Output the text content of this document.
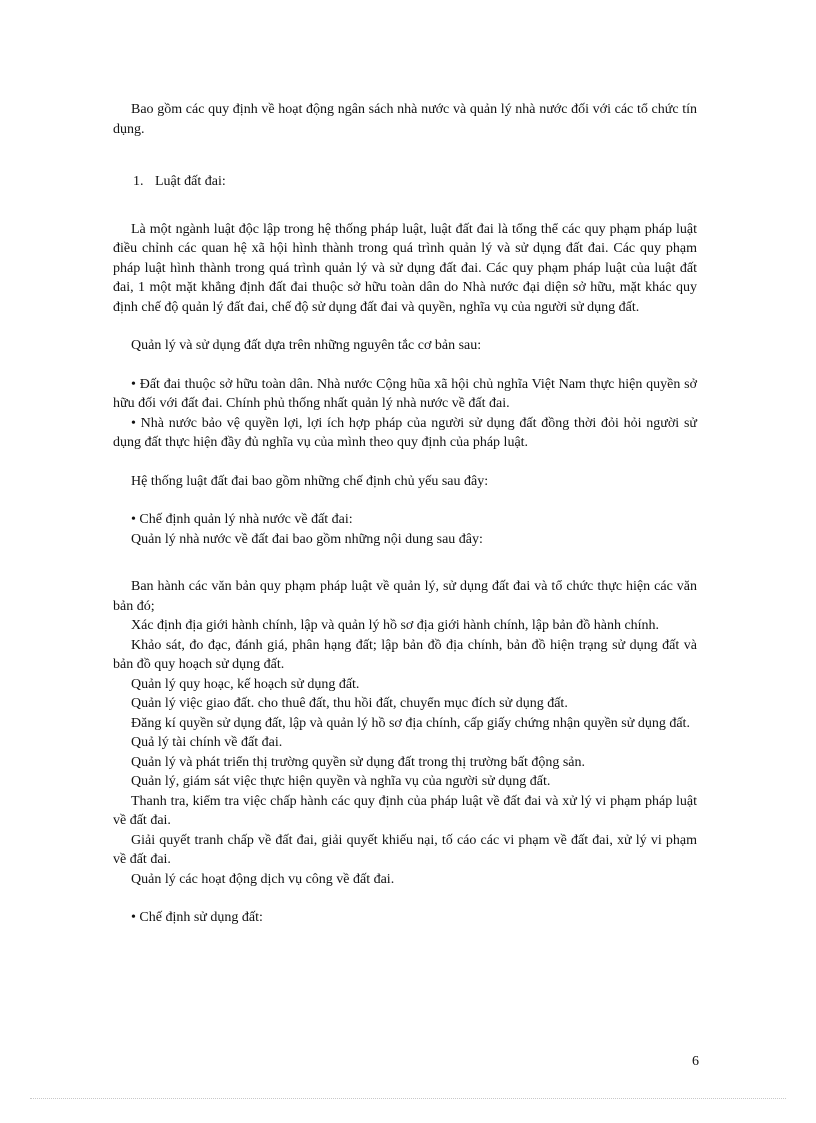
Bao gồm các quy định về hoạt động ngân sách nhà nước và quản lý nhà nước đối với các tổ chức tín dụng.

1. Luật đất đai:

Là một ngành luật độc lập trong hệ thống pháp luật, luật đất đai là tổng thể các quy phạm pháp luật điều chỉnh các quan hệ xã hội hình thành trong quá trình quản lý và sử dụng đất đai. Các quy phạm pháp luật hình thành trong quá trình quản lý và sử dụng đất đai. Các quy phạm pháp luật của luật đất đai, 1 một mặt khẳng định đất đai thuộc sở hữu toàn dân do Nhà nước đại diện sở hữu, mặt khác quy định chế độ quản lý đất đai, chế độ sử dụng đất đai và quyền, nghĩa vụ của người sử dụng đất.

Quản lý và sử dụng đất dựa trên những nguyên tắc cơ bản sau:

• Đất đai thuộc sở hữu toàn dân. Nhà nước Cộng hũa xã hội chủ nghĩa Việt Nam thực hiện quyền sở hữu đối với đất đai. Chính phủ thống nhất quản lý nhà nước về đất đai.

• Nhà nước bảo vệ quyền lợi, lợi ích hợp pháp của người sử dụng đất đồng thời đỏi hỏi người sử dụng đất thực hiện đầy đủ nghĩa vụ của mình theo quy định của pháp luật.

Hệ thống luật đất đai bao gồm những chế định chủ yếu sau đây:

• Chế định quản lý nhà nước về đất đai:

Quản lý nhà nước về đất đai bao gồm những nội dung sau đây:

Ban hành các văn bản quy phạm pháp luật về quản lý, sử dụng đất đai và tổ chức thực hiện các văn bản đó;

Xác định địa giới hành chính, lập và quản lý hồ sơ địa giới hành chính, lập bản đồ hành chính.

Khảo sát, đo đạc, đánh giá, phân hạng đất; lập bản đồ địa chính, bản đồ hiện trạng sử dụng đất và bản đồ quy hoạch sử dụng đất.

Quản lý quy hoạc, kế hoạch sử dụng đất.

Quản lý việc giao đất. cho thuê đất, thu hồi đất, chuyển mục đích sử dụng đất.

Đăng kí quyền sử dụng đất, lập và quản lý hồ sơ địa chính, cấp giấy chứng nhận quyền sử dụng đất.

Quả lý tài chính về đất đai.

Quản lý và phát triển thị trường quyền sử dụng đất trong thị trường bất động sản.

Quản lý, giám sát việc thực hiện quyền và nghĩa vụ của người sử dụng đất.

Thanh tra, kiểm tra việc chấp hành các quy định của pháp luật về đất đai và xử lý vi phạm pháp luật về đất đai.

Giải quyết tranh chấp về đất đai, giải quyết khiếu nại, tố cáo các vi phạm về đất đai, xử lý vi phạm về đất đai.

Quản lý các hoạt động dịch vụ công về đất đai.

• Chế định sử dụng đất:

6
